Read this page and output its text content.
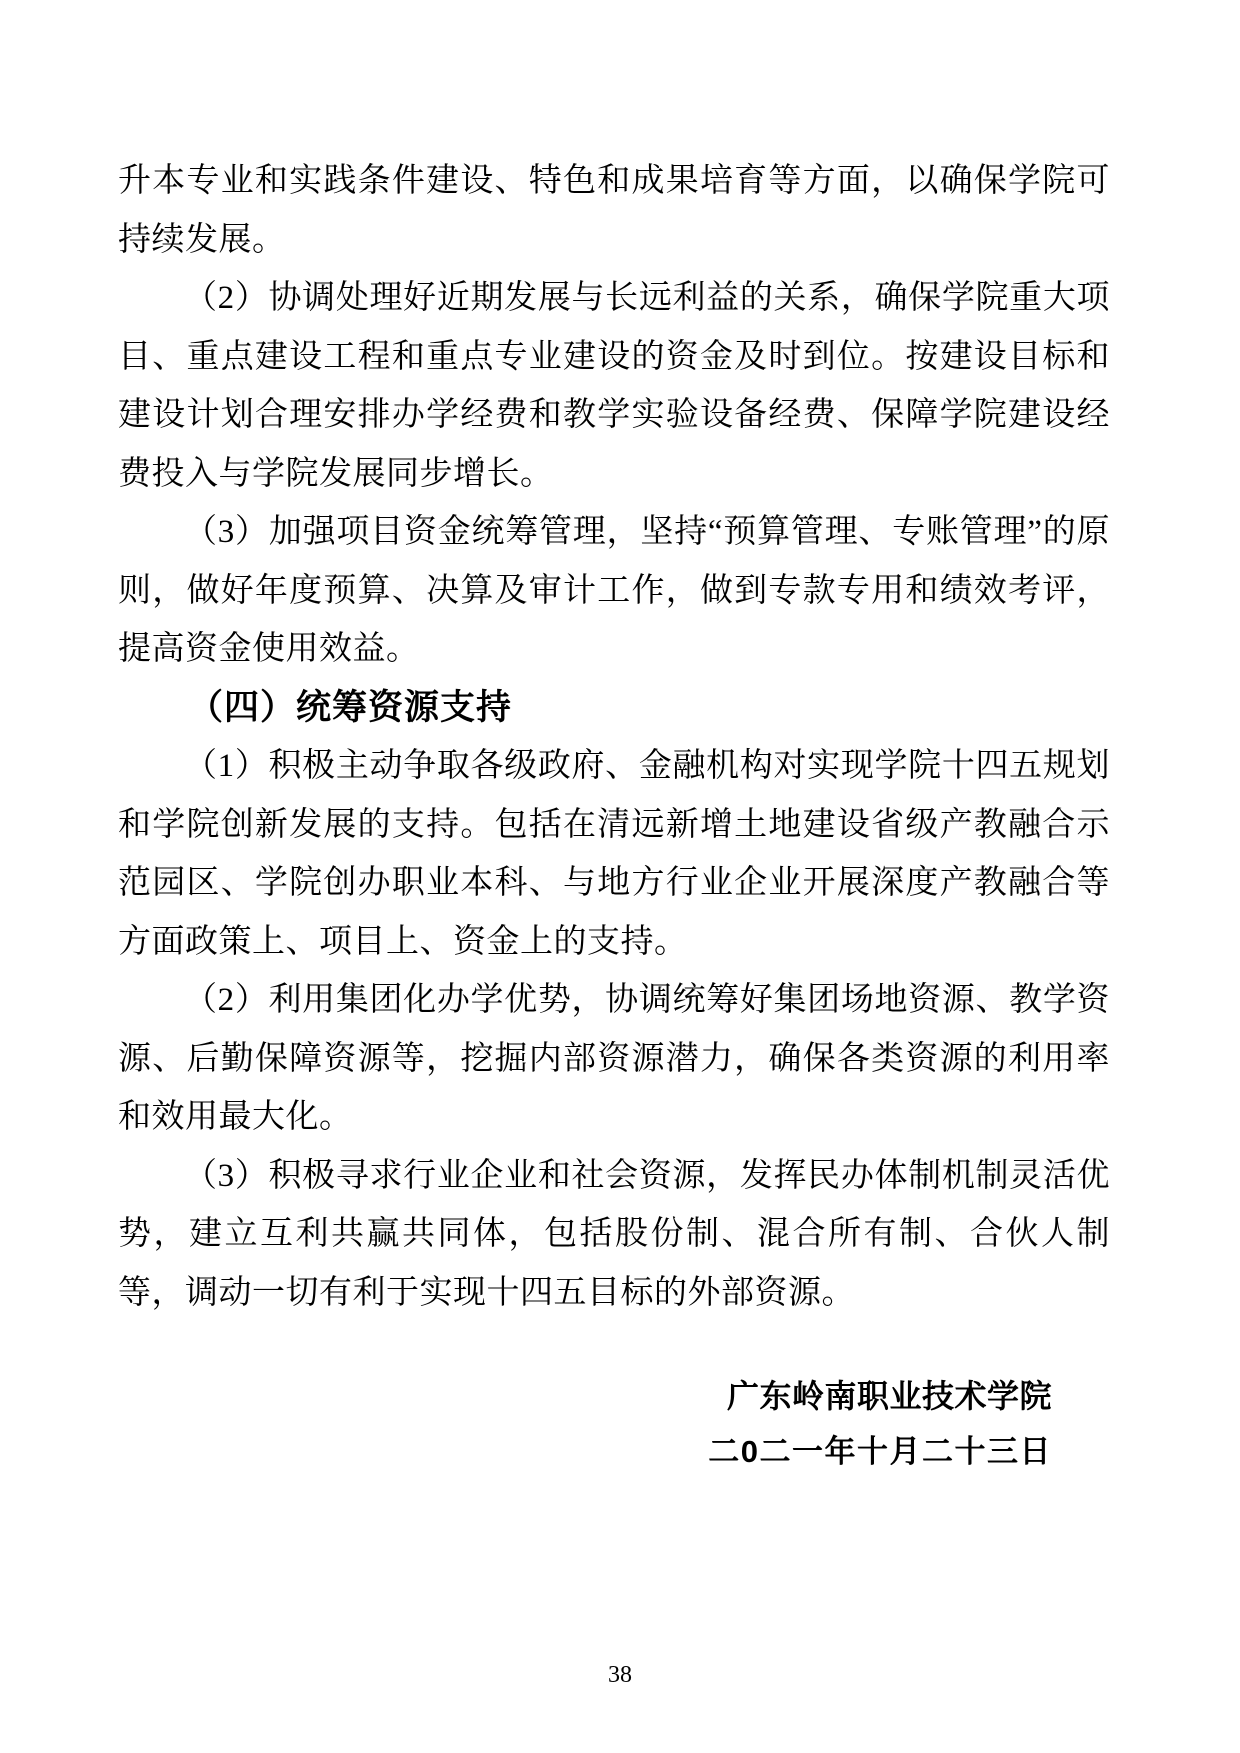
升本专业和实践条件建设、特色和成果培育等方面，以确保学院可持续发展。

（2）协调处理好近期发展与长远利益的关系，确保学院重大项目、重点建设工程和重点专业建设的资金及时到位。按建设目标和建设计划合理安排办学经费和教学实验设备经费、保障学院建设经费投入与学院发展同步增长。

（3）加强项目资金统筹管理，坚持“预算管理、专账管理”的原则，做好年度预算、决算及审计工作，做到专款专用和绩效考评，提高资金使用效益。

（四）统筹资源支持

（1）积极主动争取各级政府、金融机构对实现学院十四五规划和学院创新发展的支持。包括在清远新增土地建设省级产教融合示范园区、学院创办职业本科、与地方行业企业开展深度产教融合等方面政策上、项目上、资金上的支持。

（2）利用集团化办学优势，协调统筹好集团场地资源、教学资源、后勤保障资源等，挖掘内部资源潜力，确保各类资源的利用率和效用最大化。

（3）积极寻求行业企业和社会资源，发挥民办体制机制灵活优势，建立互利共赢共同体，包括股份制、混合所有制、合伙人制等，调动一切有利于实现十四五目标的外部资源。

广东岭南职业技术学院
二0二一年十月二十三日
38
